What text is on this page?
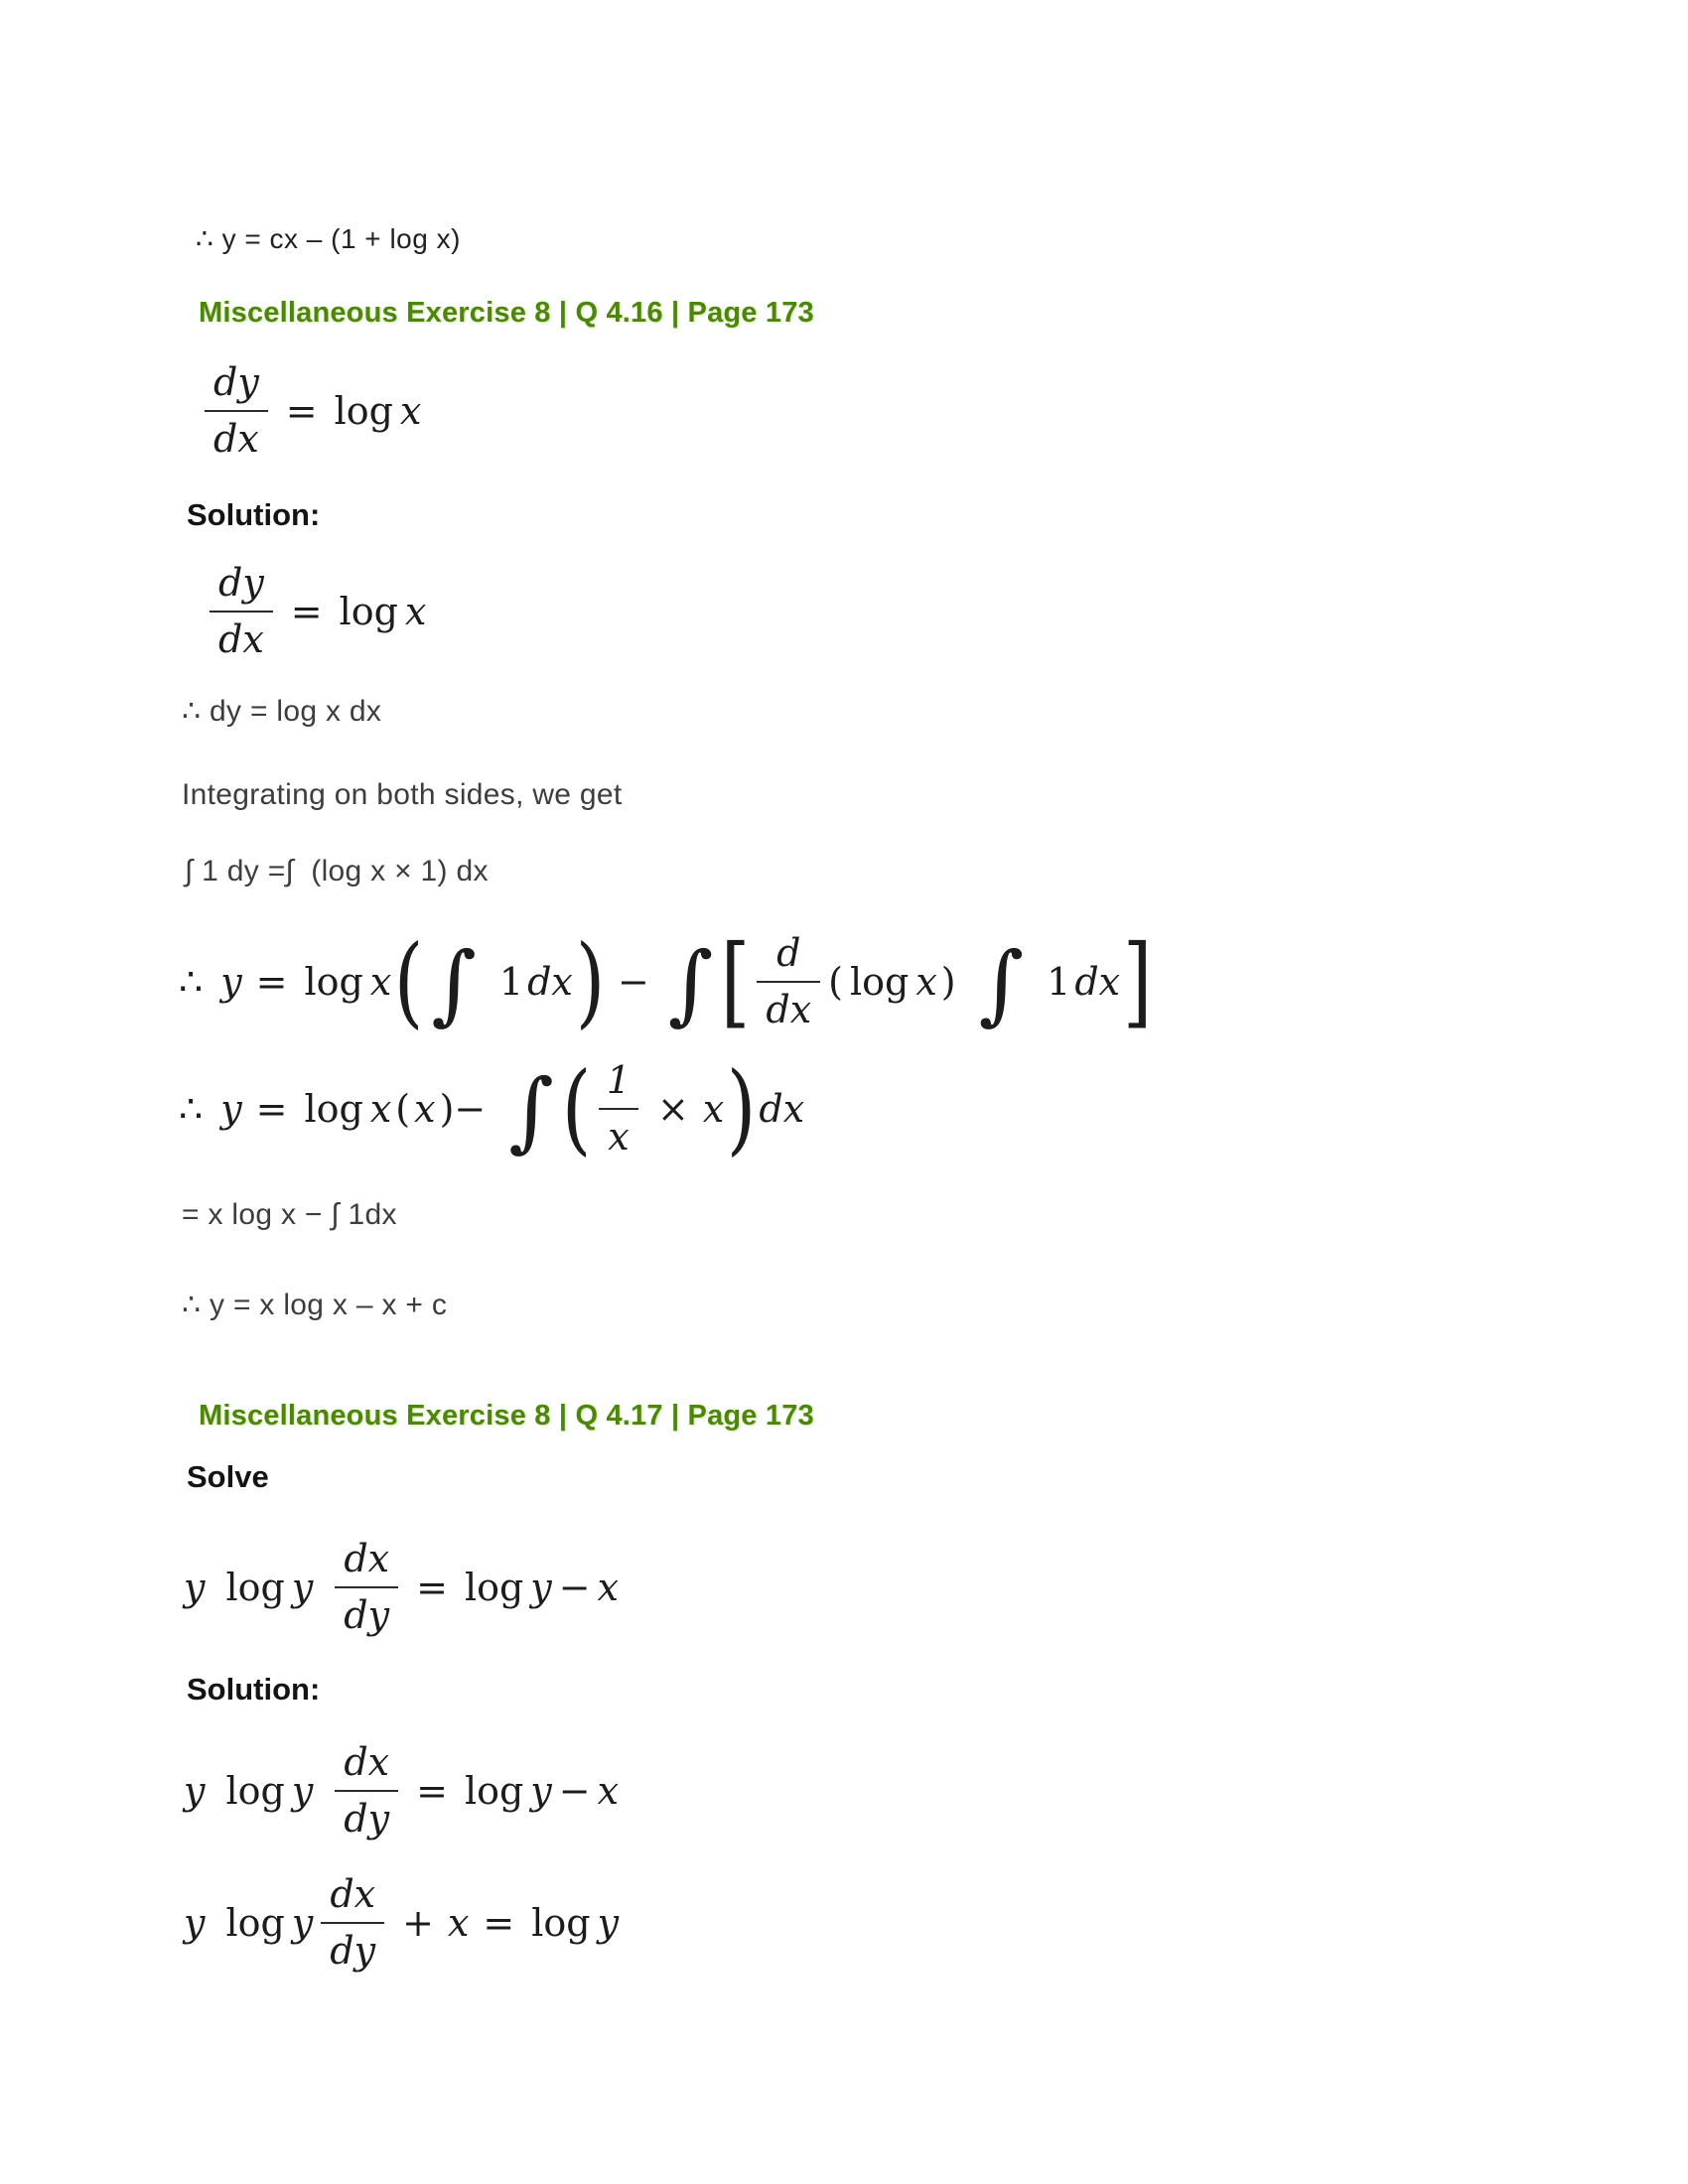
∴ y = cx – (1 + log x)
Miscellaneous Exercise 8 | Q 4.16 | Page 173
$\frac{dy}{dx} = \log x$
Solution:
$\frac{dy}{dx} = \log x$
∴ dy = log x dx
Integrating on both sides, we get
∫ 1 dy =∫  (log x × 1) dx
∴ y = log x ( ∫ 1 dx ) − ∫ [ $\frac{d}{dx}$ ( log x ) ∫ 1 dx ]
∴ y = log x ( x )− ∫ ( $\frac{1}{x} \times x$ ) dx
= x log x − ∫ 1dx
∴ y = x log x – x + c
Miscellaneous Exercise 8 | Q 4.17 | Page 173
Solve
y log y $\frac{dx}{dy} = \log y - x$
Solution:
y log y $\frac{dx}{dy} = \log y - x$
y log y $\frac{dx}{dy} + x = \log y$
